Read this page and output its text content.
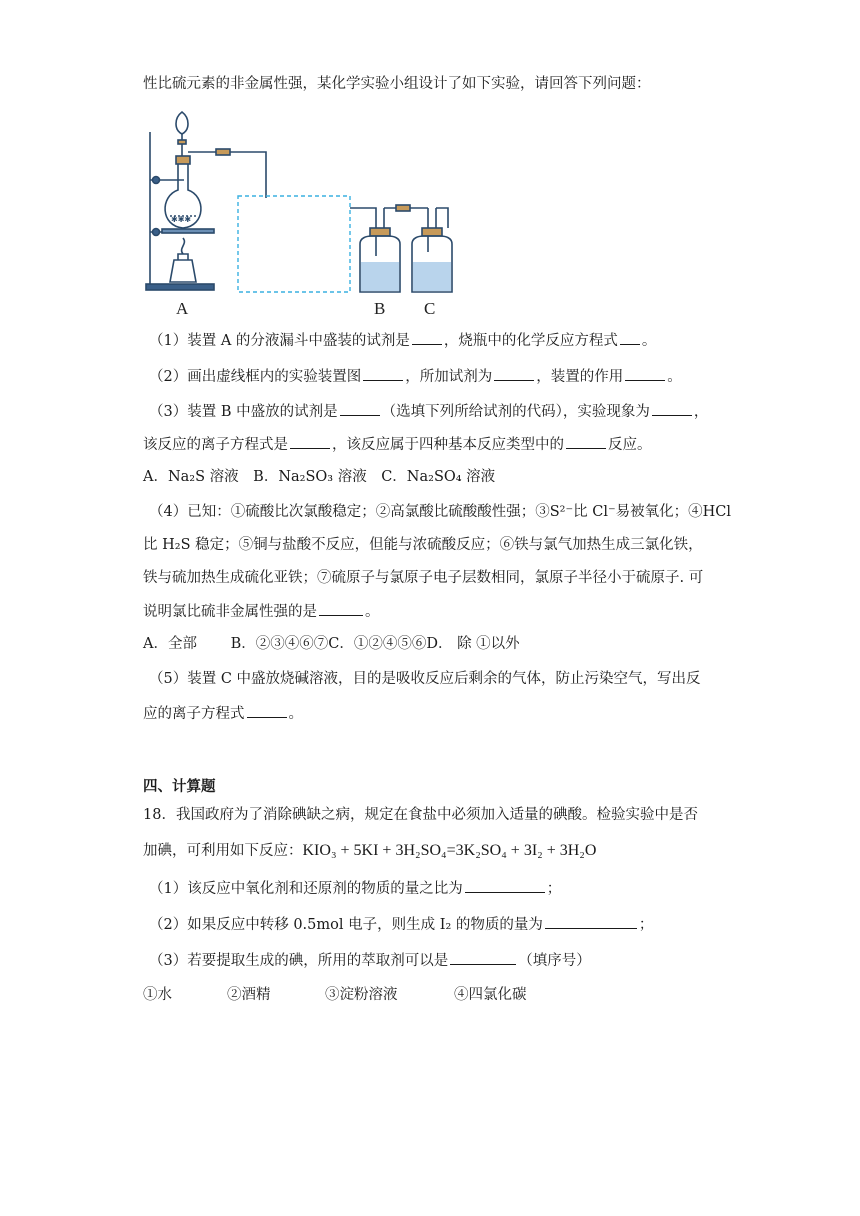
性比硫元素的非金属性强，某化学实验小组设计了如下实验，请回答下列问题：
✱✱✱
A	B C
（1）装置 A 的分液漏斗中盛装的试剂是 ，烧瓶中的化学反应方程式 。
（2）画出虚线框内的实验装置图	，所加试剂为	，装置的作用	。
（3）装置 B 中盛放的试剂是	（选填下列所给试剂的代码），实验现象为	，
该反应的离子方程式是	，该反应属于四种基本反应类型中的	反应。
A．Na₂S 溶液　B．Na₂SO₃ 溶液　C．Na₂SO₄ 溶液
（4）已知：①硫酸比次氯酸稳定；②高氯酸比硫酸酸性强；③S²⁻比 Cl⁻易被氧化；④HCl
比 H₂S 稳定；⑤铜与盐酸不反应，但能与浓硫酸反应；⑥铁与氯气加热生成三氯化铁，
铁与硫加热生成硫化亚铁；⑦硫原子与氯原子电子层数相同，氯原子半径小于硫原子. 可
说明氯比硫非金属性强的是	。
A．全部　　 B．②③④⑥⑦C．①②④⑤⑥D． 除 ①以外
（5）装置 C 中盛放烧碱溶液，目的是吸收反应后剩余的气体，防止污染空气，写出反
应的离子方程式	。
四、计算题
18．我国政府为了消除碘缺之病，规定在食盐中必须加入适量的碘酸。检验实验中是否
加碘，可利用如下反应：KIO₃ + 5KI + 3H₂SO₄=3K₂SO₄ + 3I₂ + 3H₂O
（1）该反应中氧化剂和还原剂的物质的量之比为	；
（2）如果反应中转移 0.5mol 电子，则生成 I₂ 的物质的量为	；
（3）若要提取生成的碘，所用的萃取剂可以是	（填序号）
①水	②酒精	③淀粉溶液	④四氯化碳
